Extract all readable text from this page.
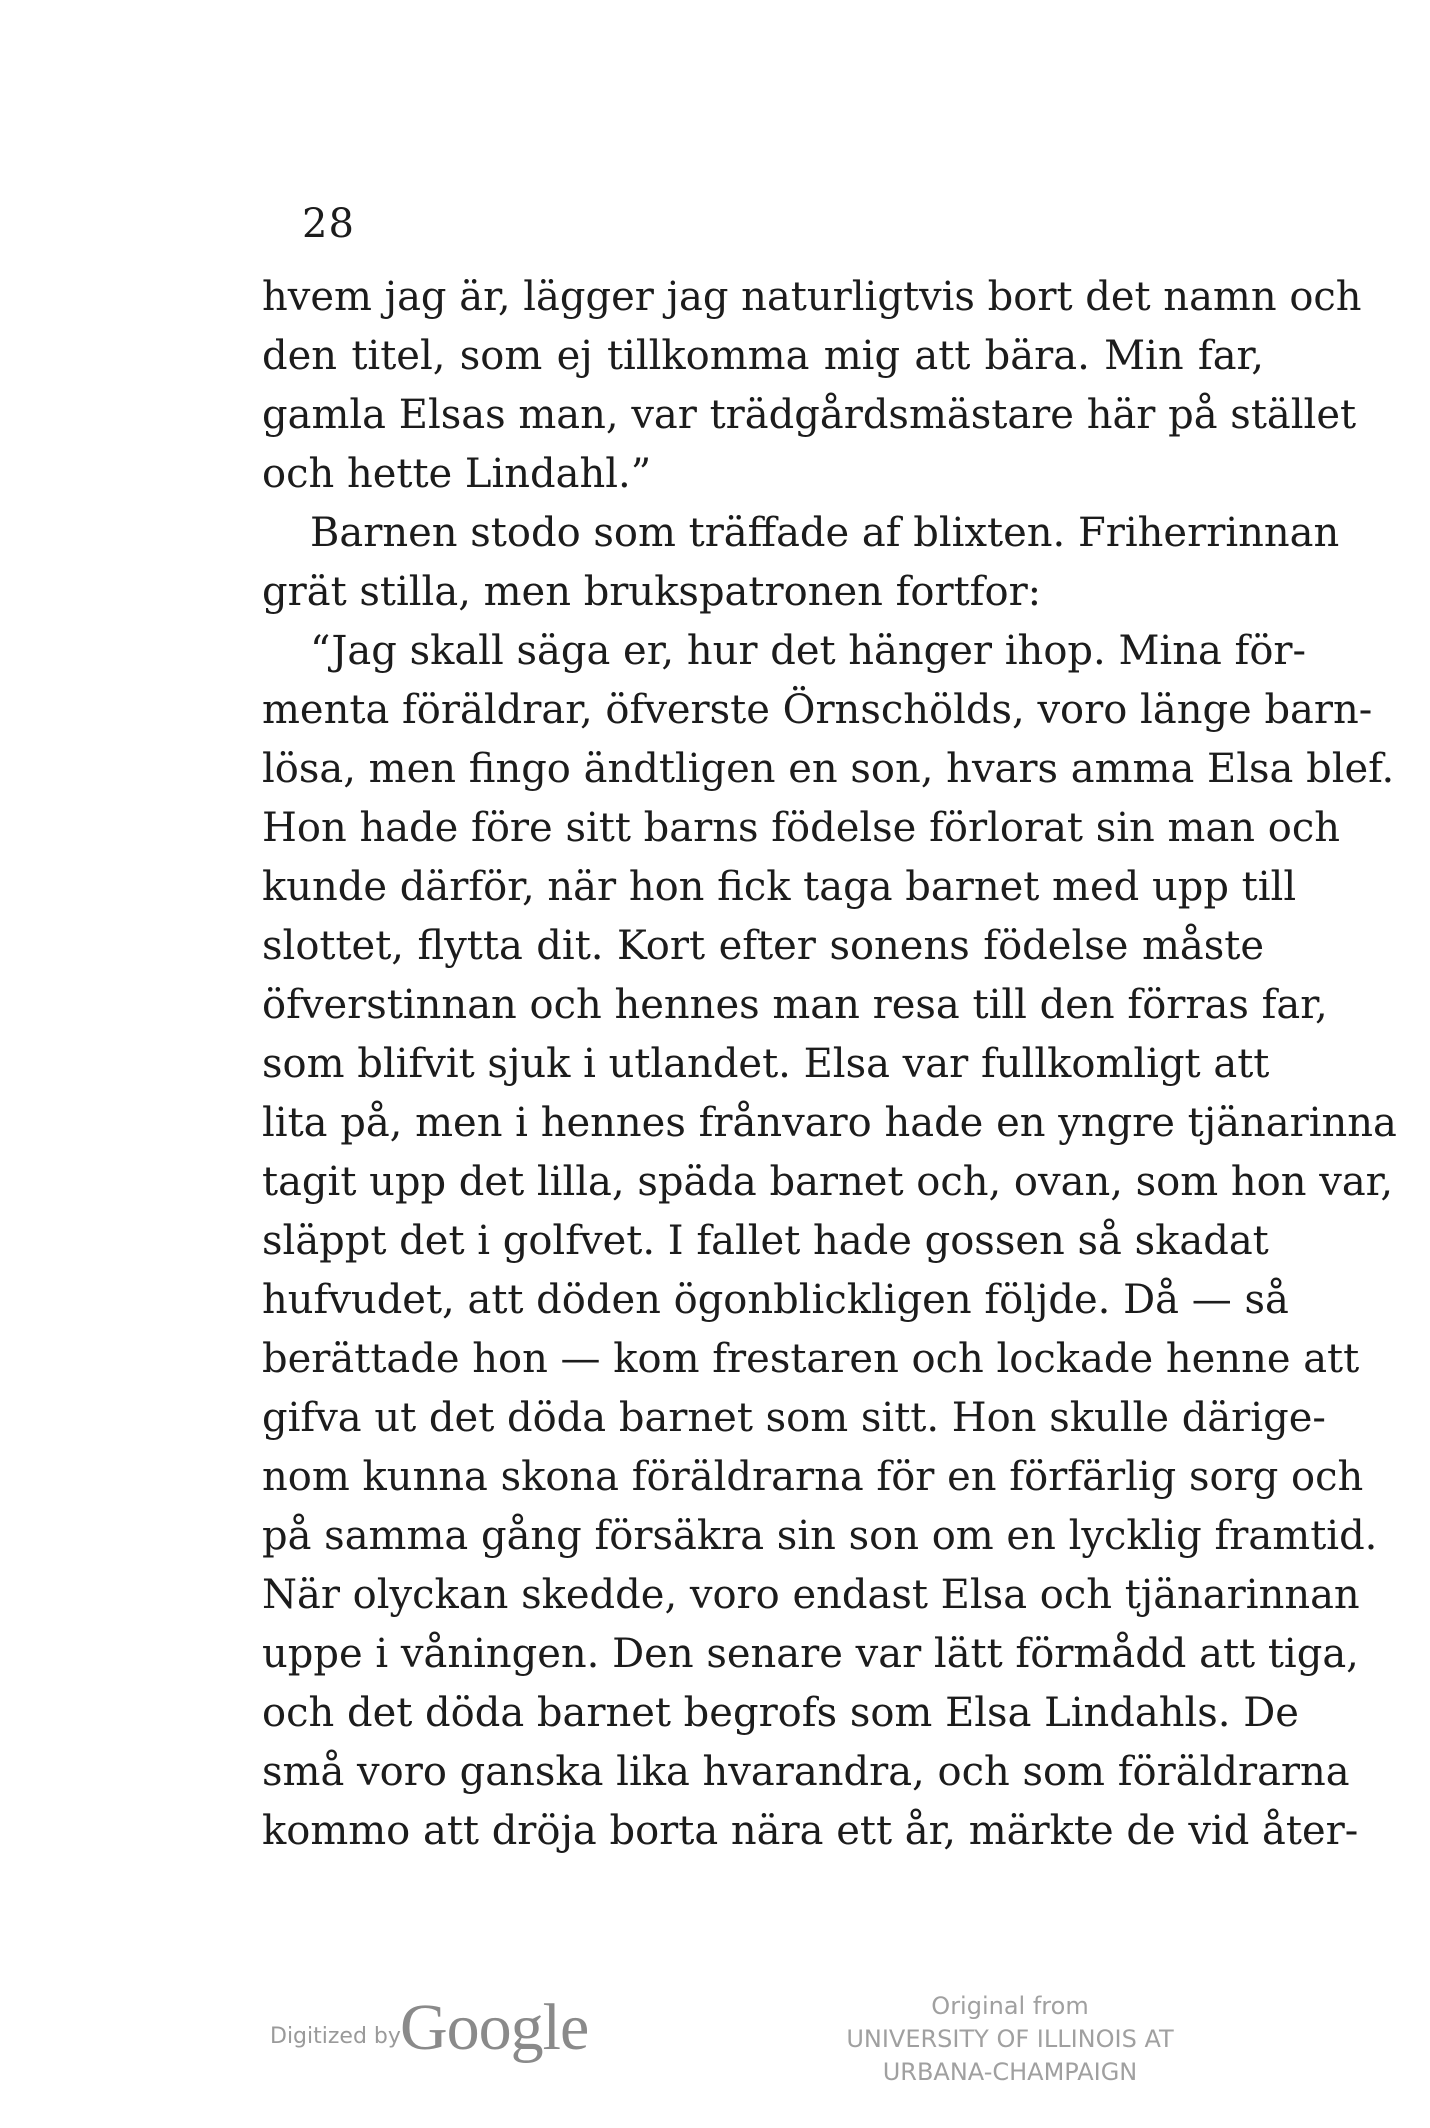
28
hvem jag är, lägger jag naturligtvis bort det namn och
den titel, som ej tillkomma mig att bära. Min far,
gamla Elsas man, var trädgårdsmästare här på stället
och hette Lindahl.”
Barnen stodo som träffade af blixten. Friherrinnan
grät stilla, men brukspatronen fortfor:
“Jag skall säga er, hur det hänger ihop. Mina för-
menta föräldrar, öfverste Örnschölds, voro länge barn-
lösa, men fingo ändtligen en son, hvars amma Elsa blef.
Hon hade före sitt barns födelse förlorat sin man och
kunde därför, när hon fick taga barnet med upp till
slottet, flytta dit. Kort efter sonens födelse måste
öfverstinnan och hennes man resa till den förras far,
som blifvit sjuk i utlandet. Elsa var fullkomligt att
lita på, men i hennes frånvaro hade en yngre tjänarinna
tagit upp det lilla, späda barnet och, ovan, som hon var,
släppt det i golfvet. I fallet hade gossen så skadat
hufvudet, att döden ögonblickligen följde. Då — så
berättade hon — kom frestaren och lockade henne att
gifva ut det döda barnet som sitt. Hon skulle därige-
nom kunna skona föräldrarna för en förfärlig sorg och
på samma gång försäkra sin son om en lycklig framtid.
När olyckan skedde, voro endast Elsa och tjänarinnan
uppe i våningen. Den senare var lätt förmådd att tiga,
och det döda barnet begrofs som Elsa Lindahls. De
små voro ganska lika hvarandra, och som föräldrarna
kommo att dröja borta nära ett år, märkte de vid åter-
Digitized by Google	Original from
UNIVERSITY OF ILLINOIS AT
URBANA-CHAMPAIGN
